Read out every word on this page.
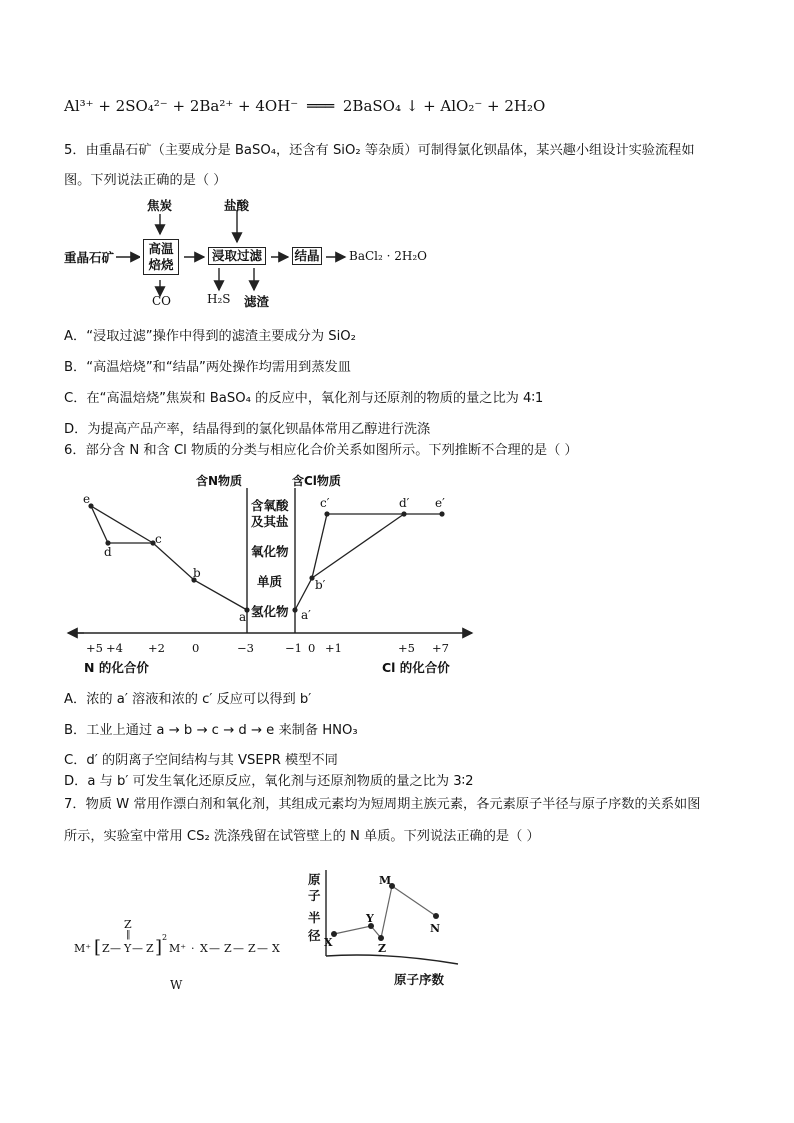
Al³⁺ + 2SO₄²⁻ + 2Ba²⁺ + 4OH⁻ ═══ 2BaSO₄ ↓ + AlO₂⁻ + 2H₂O
5．由重晶石矿（主要成分是 BaSO₄，还含有 SiO₂ 等杂质）可制得氯化钡晶体，某兴趣小组设计实验流程如
图。下列说法正确的是（ ）
重晶石矿
焦炭
高温
焙烧
CO
盐酸
浸取过滤
H₂S 滤渣
结晶 BaCl₂ · 2H₂O
A．“浸取过滤”操作中得到的滤渣主要成分为 SiO₂
B．“高温焙烧”和“结晶”两处操作均需用到蒸发皿
C．在“高温焙烧”焦炭和 BaSO₄ 的反应中，氧化剂与还原剂的物质的量之比为 4∶1
D．为提高产品产率，结晶得到的氯化钡晶体常用乙醇进行洗涤
6．部分含 N 和含 Cl 物质的分类与相应化合价关系如图所示。下列推断不合理的是（ ）
含N物质	含Cl物质
含氧酸
及其盐
氧化物
单质
氢化物
e
d
c
b
a	a′
b′
c′	d′ e′
+5 +4 +2 0	−3	−1 0 +1	+5 +7
N 的化合价	Cl 的化合价
A．浓的 a′ 溶液和浓的 c′ 反应可以得到 b′
B．工业上通过 a → b → c → d → e 来制备 HNO₃
C．d′ 的阴离子空间结构与其 VSEPR 模型不同
D．a 与 b′ 可发生氧化还原反应，氧化剂与还原剂物质的量之比为 3∶2
7．物质 W 常用作漂白剂和氧化剂，其组成元素均为短周期主族元素，各元素原子半径与原子序数的关系如图
所示，实验室中常用 CS₂ 洗涤残留在试管壁上的 N 单质。下列说法正确的是（ ）
Z
‖
M⁺ [ Z — Y — Z ] 2
M⁺ · X — Z — Z — X
W
原
子
半
径 X
Y
Z
M
N
原子序数
